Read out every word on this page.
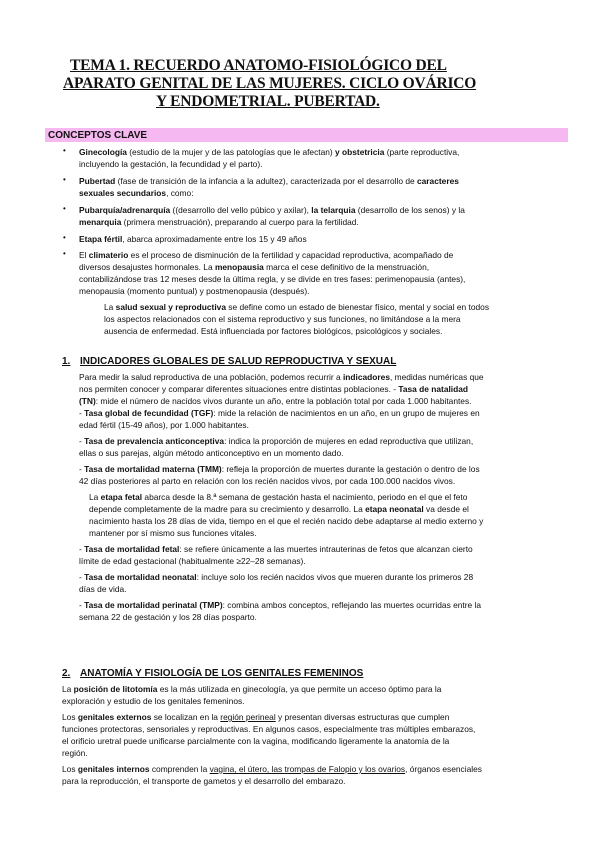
TEMA 1. RECUERDO ANATOMO-FISIOLÓGICO DEL
APARATO GENITAL DE LAS MUJERES. CICLO OVÁRICO
Y ENDOMETRIAL. PUBERTAD.
CONCEPTOS CLAVE
• Ginecología (estudio de la mujer y de las patologías que le afectan) y obstetricia (parte reproductiva,
incluyendo la gestación, la fecundidad y el parto).
• Pubertad (fase de transición de la infancia a la adultez), caracterizada por el desarrollo de caracteres
sexuales secundarios, como:
• Pubarquía/adrenarquía ((desarrollo del vello púbico y axilar), la telarquia (desarrollo de los senos) y la
menarquia (primera menstruación), preparando al cuerpo para la fertilidad.
• Etapa fértil, abarca aproximadamente entre los 15 y 49 años
• El climaterio es el proceso de disminución de la fertilidad y capacidad reproductiva, acompañado de
diversos desajustes hormonales. La menopausia marca el cese definitivo de la menstruación,
contabilizándose tras 12 meses desde la última regla, y se divide en tres fases: perimenopausia (antes),
menopausia (momento puntual) y postmenopausia (después).
La salud sexual y reproductiva se define como un estado de bienestar físico, mental y social en todos
los aspectos relacionados con el sistema reproductivo y sus funciones, no limitándose a la mera
ausencia de enfermedad. Está influenciada por factores biológicos, psicológicos y sociales.
1. INDICADORES GLOBALES DE SALUD REPRODUCTIVA Y SEXUAL
Para medir la salud reproductiva de una población, podemos recurrir a indicadores, medidas numéricas que
nos permiten conocer y comparar diferentes situaciones entre distintas poblaciones. - Tasa de natalidad
(TN): mide el número de nacidos vivos durante un año, entre la población total por cada 1.000 habitantes.
- Tasa global de fecundidad (TGF): mide la relación de nacimientos en un año, en un grupo de mujeres en
edad fértil (15-49 años), por 1.000 habitantes.
- Tasa de prevalencia anticonceptiva: indica la proporción de mujeres en edad reproductiva que utilizan,
ellas o sus parejas, algún método anticonceptivo en un momento dado.
- Tasa de mortalidad materna (TMM): refleja la proporción de muertes durante la gestación o dentro de los
42 días posteriores al parto en relación con los recién nacidos vivos, por cada 100.000 nacidos vivos.
La etapa fetal abarca desde la 8.ª semana de gestación hasta el nacimiento, periodo en el que el feto
depende completamente de la madre para su crecimiento y desarrollo. La etapa neonatal va desde el
nacimiento hasta los 28 días de vida, tiempo en el que el recién nacido debe adaptarse al medio externo y
mantener por sí mismo sus funciones vitales.
- Tasa de mortalidad fetal: se refiere únicamente a las muertes intrauterinas de fetos que alcanzan cierto
límite de edad gestacional (habitualmente ≥22–28 semanas).
- Tasa de mortalidad neonatal: incluye solo los recién nacidos vivos que mueren durante los primeros 28
días de vida.
- Tasa de mortalidad perinatal (TMP): combina ambos conceptos, reflejando las muertes ocurridas entre la
semana 22 de gestación y los 28 días posparto.
2. ANATOMÍA Y FISIOLOGÍA DE LOS GENITALES FEMENINOS
La posición de litotomía es la más utilizada en ginecología, ya que permite un acceso óptimo para la
exploración y estudio de los genitales femeninos.
Los genitales externos se localizan en la región perineal y presentan diversas estructuras que cumplen
funciones protectoras, sensoriales y reproductivas. En algunos casos, especialmente tras múltiples embarazos,
el orificio uretral puede unificarse parcialmente con la vagina, modificando ligeramente la anatomía de la
región.
Los genitales internos comprenden la vagina, el útero, las trompas de Falopio y los ovarios, órganos esenciales
para la reproducción, el transporte de gametos y el desarrollo del embarazo.
